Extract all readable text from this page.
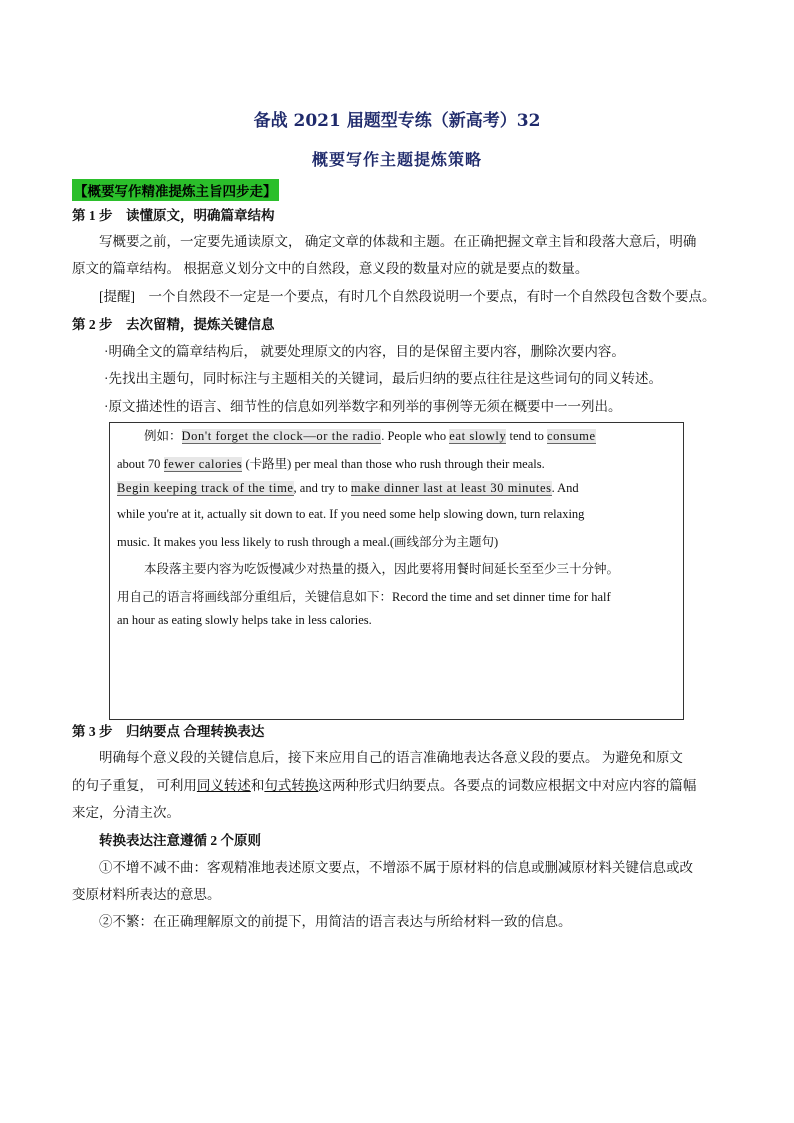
备战 2021 届题型专练（新高考）32
概要写作主题提炼策略
【概要写作精准提炼主旨四步走】
第 1 步　读懂原文，明确篇章结构
写概要之前，一定要先通读原文， 确定文章的体裁和主题。在正确把握文章主旨和段落大意后，明确
原文的篇章结构。 根据意义划分文中的自然段，意义段的数量对应的就是要点的数量。
[提醒]　一个自然段不一定是一个要点，有时几个自然段说明一个要点，有时一个自然段包含数个要点。
第 2 步　去次留精，提炼关键信息
·明确全文的篇章结构后， 就要处理原文的内容，目的是保留主要内容，删除次要内容。
·先找出主题句，同时标注与主题相关的关键词，最后归纳的要点往往是这些词句的同义转述。
·原文描述性的语言、细节性的信息如列举数字和列举的事例等无须在概要中一一列出。
例如：Don't forget the clock—or the radio. People who eat slowly tend to consume
about 70 fewer calories (卡路里) per meal than those who rush through their meals.
Begin keeping track of the time, and try to make dinner last at least 30 minutes. And
while you're at it, actually sit down to eat. If you need some help slowing down, turn relaxing
music. It makes you less likely to rush through a meal.(画线部分为主题句)
本段落主要内容为吃饭慢减少对热量的摄入，因此要将用餐时间延长至至少三十分钟。
用自己的语言将画线部分重组后，关键信息如下：Record the time and set dinner time for half
an hour as eating slowly helps take in less calories.
第 3 步　归纳要点 合理转换表达
明确每个意义段的关键信息后，接下来应用自己的语言准确地表达各意义段的要点。 为避免和原文
的句子重复， 可利用同义转述和句式转换这两种形式归纳要点。各要点的词数应根据文中对应内容的篇幅
来定，分清主次。
转换表达注意遵循 2 个原则
①不增不减不曲：客观精准地表述原文要点，不增添不属于原材料的信息或删减原材料关键信息或改
变原材料所表达的意思。
②不繁：在正确理解原文的前提下，用简洁的语言表达与所给材料一致的信息。
